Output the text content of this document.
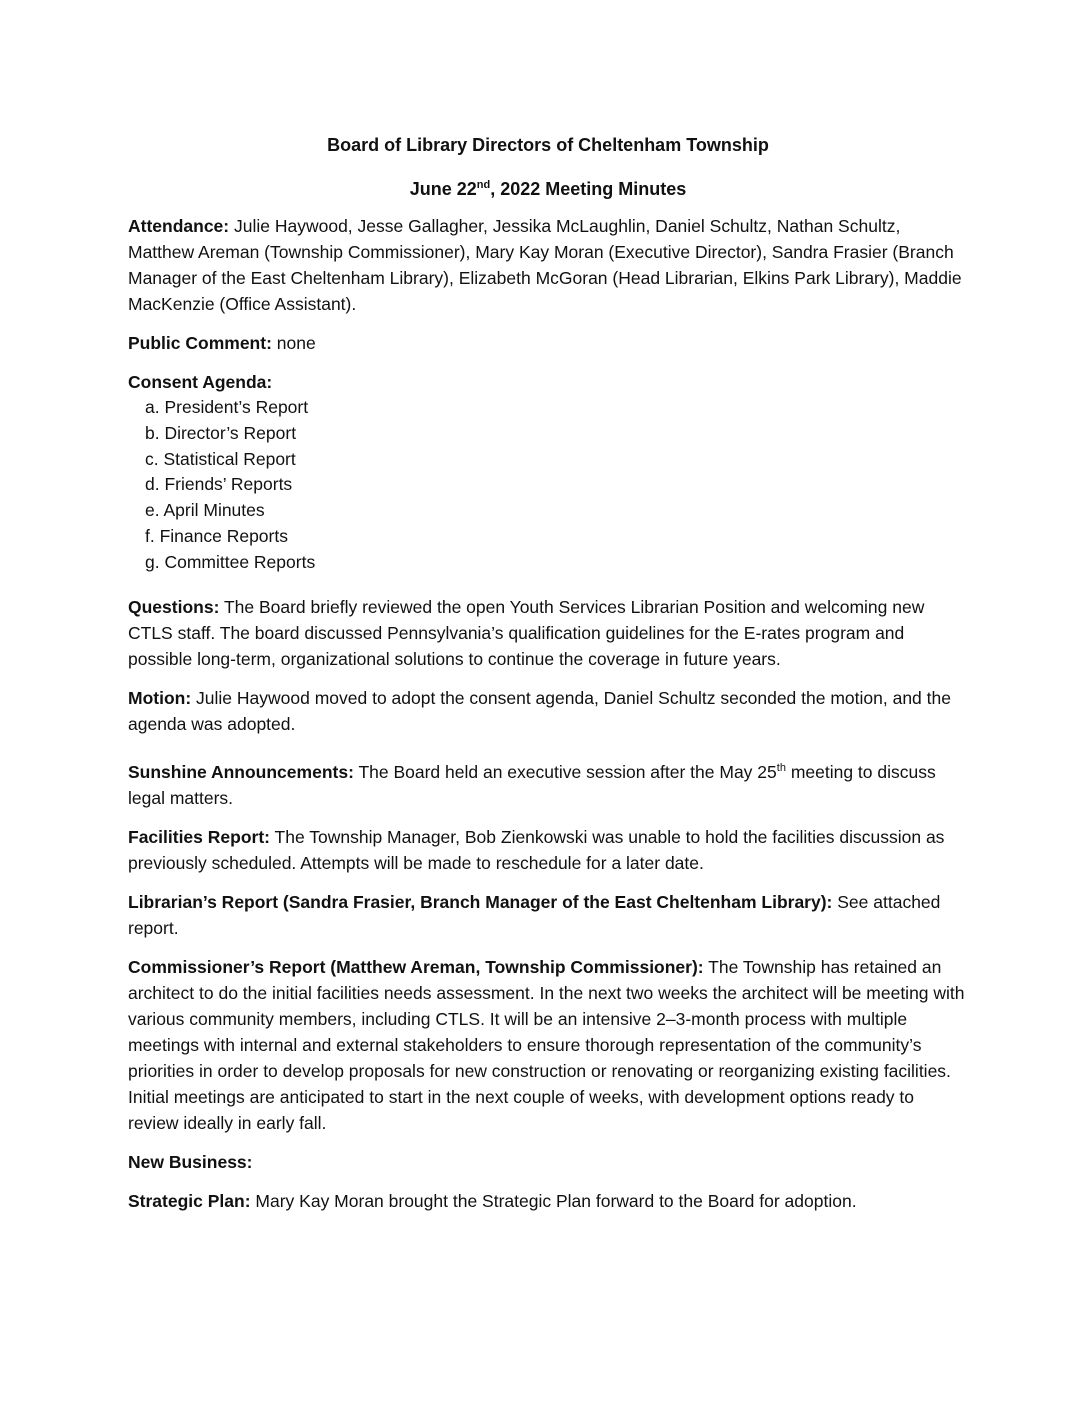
Board of Library Directors of Cheltenham Township
June 22nd, 2022 Meeting Minutes

Attendance: Julie Haywood, Jesse Gallagher, Jessika McLaughlin, Daniel Schultz, Nathan Schultz, Matthew Areman (Township Commissioner), Mary Kay Moran (Executive Director), Sandra Frasier (Branch Manager of the East Cheltenham Library), Elizabeth McGoran (Head Librarian, Elkins Park Library), Maddie MacKenzie (Office Assistant).

Public Comment: none

Consent Agenda:
a. President’s Report
b. Director’s Report
c. Statistical Report
d. Friends’ Reports
e. April Minutes
f. Finance Reports
g. Committee Reports

Questions: The Board briefly reviewed the open Youth Services Librarian Position and welcoming new CTLS staff. The board discussed Pennsylvania’s qualification guidelines for the E-rates program and possible long-term, organizational solutions to continue the coverage in future years.

Motion: Julie Haywood moved to adopt the consent agenda, Daniel Schultz seconded the motion, and the agenda was adopted.

Sunshine Announcements: The Board held an executive session after the May 25th meeting to discuss legal matters.

Facilities Report: The Township Manager, Bob Zienkowski was unable to hold the facilities discussion as previously scheduled. Attempts will be made to reschedule for a later date.

Librarian’s Report (Sandra Frasier, Branch Manager of the East Cheltenham Library): See attached report.

Commissioner’s Report (Matthew Areman, Township Commissioner): The Township has retained an architect to do the initial facilities needs assessment. In the next two weeks the architect will be meeting with various community members, including CTLS. It will be an intensive 2–3-month process with multiple meetings with internal and external stakeholders to ensure thorough representation of the community’s priorities in order to develop proposals for new construction or renovating or reorganizing existing facilities. Initial meetings are anticipated to start in the next couple of weeks, with development options ready to review ideally in early fall.

New Business:

Strategic Plan: Mary Kay Moran brought the Strategic Plan forward to the Board for adoption.
